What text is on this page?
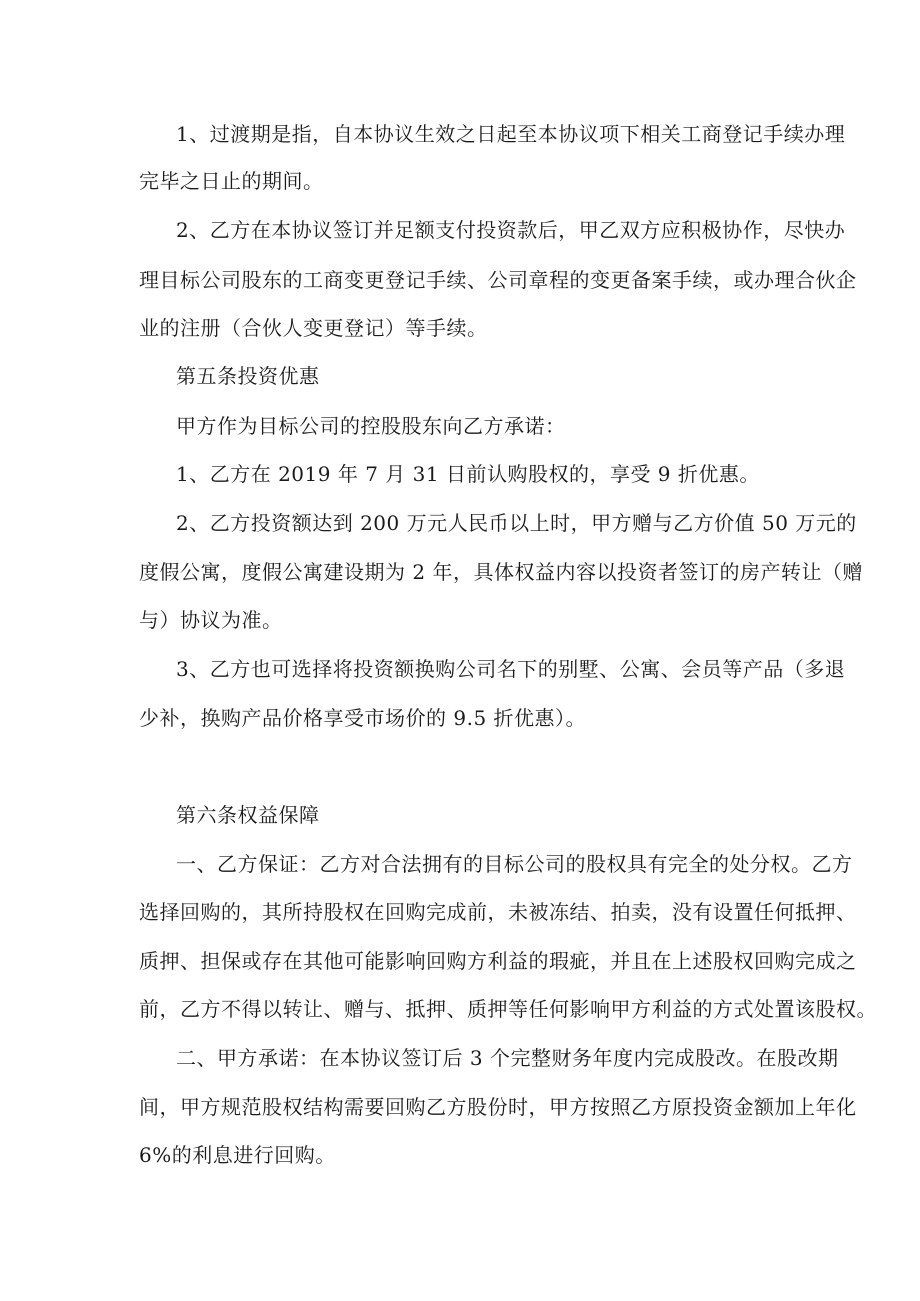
1、过渡期是指，自本协议生效之日起至本协议项下相关工商登记手续办理
完毕之日止的期间。
2、乙方在本协议签订并足额支付投资款后，甲乙双方应积极协作，尽快办
理目标公司股东的工商变更登记手续、公司章程的变更备案手续，或办理合伙企
业的注册（合伙人变更登记）等手续。
第五条投资优惠
甲方作为目标公司的控股股东向乙方承诺：
1、乙方在 2019 年 7 月 31 日前认购股权的，享受 9 折优惠。
2、乙方投资额达到 200 万元人民币以上时，甲方赠与乙方价值 50 万元的
度假公寓，度假公寓建设期为 2 年，具体权益内容以投资者签订的房产转让（赠
与）协议为准。
3、乙方也可选择将投资额换购公司名下的别墅、公寓、会员等产品（多退
少补，换购产品价格享受市场价的 9.5 折优惠）。
第六条权益保障
一、乙方保证：乙方对合法拥有的目标公司的股权具有完全的处分权。乙方
选择回购的，其所持股权在回购完成前，未被冻结、拍卖，没有设置任何抵押、
质押、担保或存在其他可能影响回购方利益的瑕疵，并且在上述股权回购完成之
前，乙方不得以转让、赠与、抵押、质押等任何影响甲方利益的方式处置该股权。
二、甲方承诺：在本协议签订后 3 个完整财务年度内完成股改。在股改期
间，甲方规范股权结构需要回购乙方股份时，甲方按照乙方原投资金额加上年化
6%的利息进行回购。
